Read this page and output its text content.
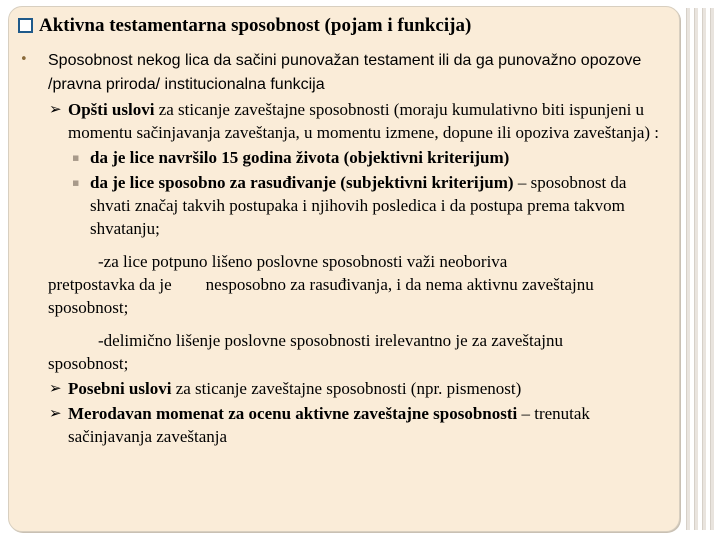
Aktivna testamentarna sposobnost (pojam i funkcija)
• Sposobnost nekog lica da sačini punovažan testament ili da ga punovažno opozove /pravna priroda/ institucionalna funkcija
➢ Opšti uslovi za sticanje zaveštajne sposobnosti (moraju kumulativno biti ispunjeni u momentu sačinjavanja zaveštanja, u momentu izmene, dopune ili opoziva zaveštanja) :
▪ da je lice navršilo 15 godina života (objektivni kriterijum)
▪ da je lice sposobno za rasuđivanje (subjektivni kriterijum) – sposobnost da shvati značaj takvih postupaka i njihovih posledica i da postupa prema takvom shvatanju;
-za lice potpuno lišeno poslovne sposobnosti važi neoboriva
pretpostavka da je        nesposobno za rasuđivanja, i da nema aktivnu zaveštajnu sposobnost;
-delimično lišenje poslovne sposobnosti irelevantno je za zaveštajnu
sposobnost;
➢ Posebni uslovi za sticanje zaveštajne sposobnosti (npr. pismenost)
➢ Merodavan momenat za ocenu aktivne zaveštajne sposobnosti – trenutak sačinjavanja zaveštanja
